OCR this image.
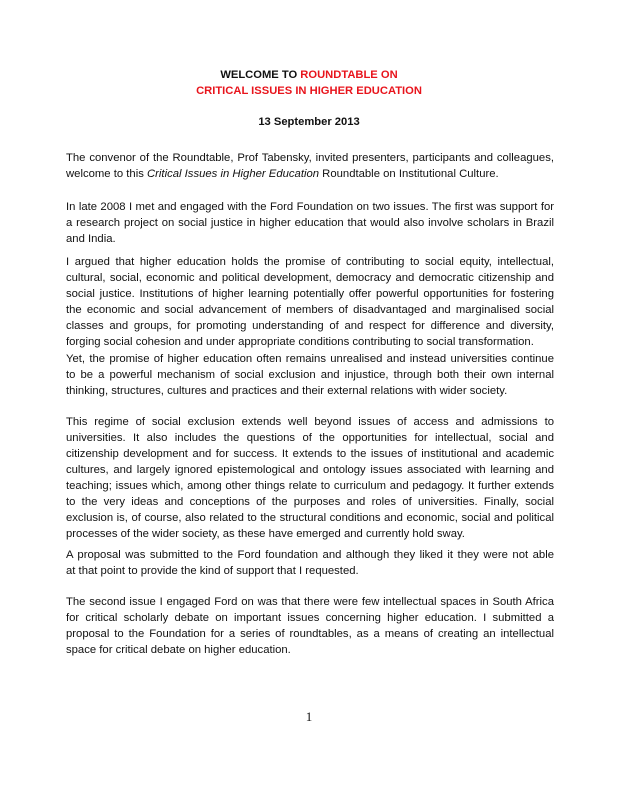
WELCOME TO ROUNDTABLE ON
CRITICAL ISSUES IN HIGHER EDUCATION
13 September 2013
The convenor of the Roundtable, Prof Tabensky, invited presenters, participants and colleagues,
welcome to this Critical Issues in Higher Education Roundtable on Institutional Culture.
In late 2008 I met and engaged with the Ford Foundation on two issues. The first was support for
a research project on social justice in higher education that would also involve scholars in Brazil
and India.
I argued that higher education holds the promise of contributing to social equity, intellectual,
cultural, social, economic and political development, democracy and democratic citizenship and
social justice. Institutions of higher learning potentially offer powerful opportunities for fostering
the economic and social advancement of members of disadvantaged and marginalised social
classes and groups, for promoting understanding of and respect for difference and diversity,
forging social cohesion and under appropriate conditions contributing to social transformation.
Yet, the promise of higher education often remains unrealised and instead universities continue
to be a powerful mechanism of social exclusion and injustice, through both their own internal
thinking, structures, cultures and practices and their external relations with wider society.
This regime of social exclusion extends well beyond issues of access and admissions to
universities. It also includes the questions of the opportunities for intellectual, social and
citizenship development and for success. It extends to the issues of institutional and academic
cultures, and largely ignored epistemological and ontology issues associated with learning and
teaching; issues which, among other things relate to curriculum and pedagogy. It further extends
to the very ideas and conceptions of the purposes and roles of universities. Finally, social
exclusion is, of course, also related to the structural conditions and economic, social and political
processes of the wider society, as these have emerged and currently hold sway.
A proposal was submitted to the Ford foundation and although they liked it they were not able
at that point to provide the kind of support that I requested.
The second issue I engaged Ford on was that there were few intellectual spaces in South Africa
for critical scholarly debate on important issues concerning higher education. I submitted a
proposal to the Foundation for a series of roundtables, as a means of creating an intellectual
space for critical debate on higher education.
1
